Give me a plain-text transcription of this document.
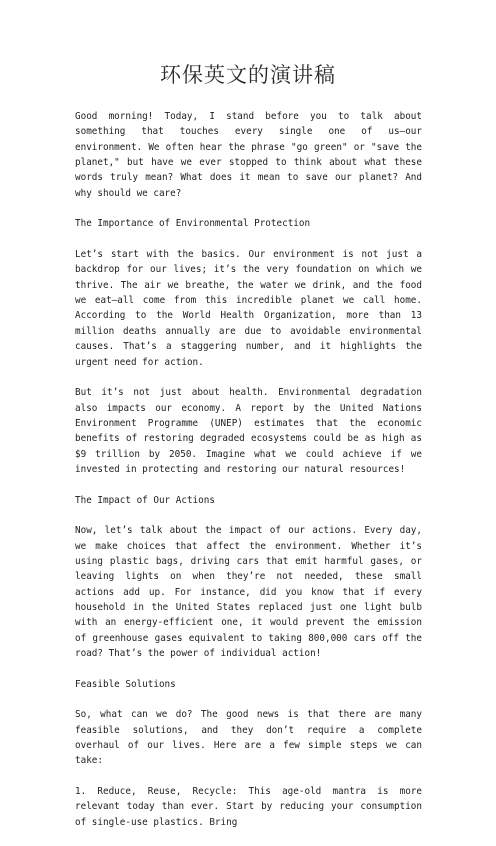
环保英文的演讲稿

Good morning! Today, I stand before you to talk about something that touches every single one of us—our environment. We often hear the phrase "go green" or "save the planet," but have we ever stopped to think about what these words truly mean? What does it mean to save our planet? And why should we care?

The Importance of Environmental Protection

Let’s start with the basics. Our environment is not just a backdrop for our lives; it’s the very foundation on which we thrive. The air we breathe, the water we drink, and the food we eat—all come from this incredible planet we call home. According to the World Health Organization, more than 13 million deaths annually are due to avoidable environmental causes. That’s a staggering number, and it highlights the urgent need for action.

But it’s not just about health. Environmental degradation also impacts our economy. A report by the United Nations Environment Programme (UNEP) estimates that the economic benefits of restoring degraded ecosystems could be as high as $9 trillion by 2050. Imagine what we could achieve if we invested in protecting and restoring our natural resources!

The Impact of Our Actions

Now, let’s talk about the impact of our actions. Every day, we make choices that affect the environment. Whether it’s using plastic bags, driving cars that emit harmful gases, or leaving lights on when they’re not needed, these small actions add up. For instance, did you know that if every household in the United States replaced just one light bulb with an energy-efficient one, it would prevent the emission of greenhouse gases equivalent to taking 800,000 cars off the road? That’s the power of individual action!

Feasible Solutions

So, what can we do? The good news is that there are many feasible solutions, and they don’t require a complete overhaul of our lives. Here are a few simple steps we can take:

1. Reduce, Reuse, Recycle: This age-old mantra is more relevant today than ever. Start by reducing your consumption of single-use plastics. Bring
